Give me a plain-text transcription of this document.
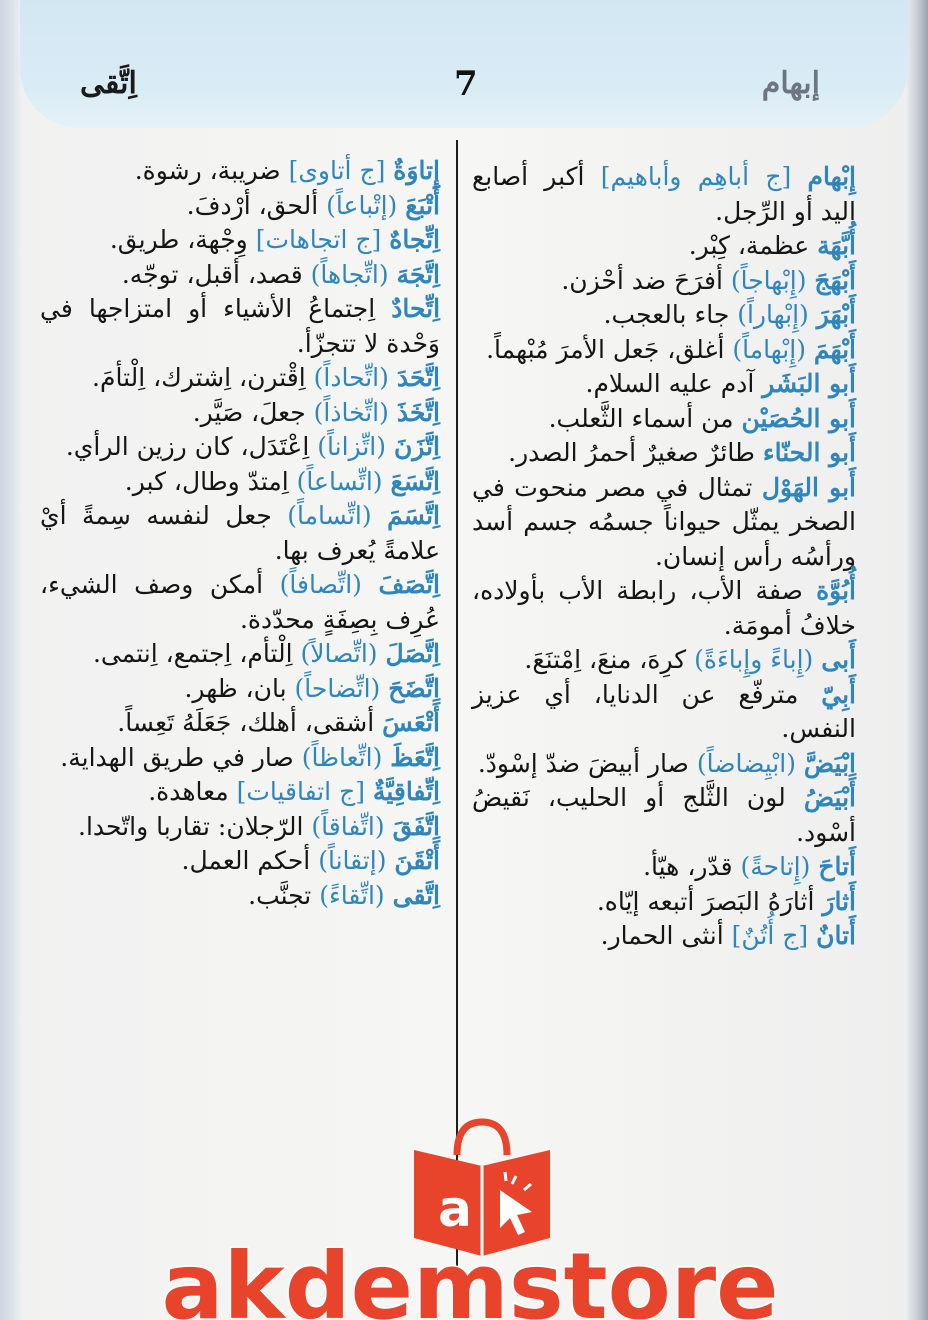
اِتَّقى	7	إبهام

إِبْهام [ج أباهِم وأباهيم] أكبر أصابع اليد أو الرِّجل.

أُبَّهَة عظمة، كِبْر.

أَبْهَجَ (إِبْهاجاً) أفرَحَ ضد أحْزن.

أَبْهَرَ (إِبْهاراً) جاء بالعجب.

أَبْهَمَ (إِبْهاماً) أغلق، جَعل الأمرَ مُبْهماً.

أَبو البَشَر آدم عليه السلام.

أَبو الحُصَيْن من أسماء الثَّعلب.

أَبو الحنّاء طائرٌ صغيرٌ أحمرُ الصدر.

أَبو الهَوْل تمثال في مصر منحوت في الصخر يمثّل حيواناً جسمُه جسم أسد ورأسُه رأس إنسان.

أُبُوَّة صفة الأب، رابطة الأب بأولاده، خلافُ أمومَة.

أَبى (إِباءً وإِباءَةً) كرِهَ، منعَ، اِمْتنَعَ.

أَبِيّ مترفّع عن الدنايا، أي عزيز النفس.

اِبْيَضَّ (ابْيِضاضاً) صار أبيضَ ضدّ إسْودّ.

أَبْيَضُ لون الثَّلج أو الحليب، نَقيضُ أسْود.

أَتاحَ (إِتاحةً) قدّر، هيّأ.

أَثارَ أثارَهُ البَصرَ أتبعه إيّاه.

أَتانٌ [ج أُتُنٌ] أنثى الحمار.

إِتاوَةٌ [ج أتاوى] ضريبة، رشوة.

أَتْبَعَ (إتْباعاً) ألحق، أرْدفَ.

اِتِّجاهٌ [ج اتجاهات] وِجْهة، طريق.

اِتَّجَهَ (اتِّجاهاً) قصد، أقبل، توجّه.

اِتِّحادٌ اِجتماعُ الأشياء أو امتزاجها في وَحْدة لا تتجزّأ.

اِتَّحَدَ (اتِّحاداً) اِقْترن، اِشترك، اِلْتأمَ.

اِتَّخَذَ (اتِّخاذاً) جعلَ، صَيَّر.

اِتَّزَنَ (اتِّزاناً) اِعْتَدَل، كان رزين الرأي.

اِتَّسَعَ (اتِّساعاً) اِمتدّ وطال، كبر.

اِتَّسَمَ (اتِّساماً) جعل لنفسه سِمةً أيْ علامةً يُعرف بها.

اِتَّصَفَ (اتِّصافاً) أمكن وصف الشيء، عُرِف بِصِفَةٍ محدّدة.

اِتَّصَلَ (اتِّصالاً) اِلْتأم، اِجتمع، اِنتمى.

اِتَّضَحَ (اتِّضاحاً) بان، ظهر.

أَتْعَسَ أشقى، أهلك، جَعَلَهُ تَعِساً.

اِتَّعَظَ (اتِّعاظاً) صار في طريق الهداية.

اِتِّفاقِيَّةٌ [ج اتفاقيات] معاهدة.

اِتَّفَقَ (اتِّفاقاً) الرّجلان: تقاربا واتّحدا.

أَتْقَنَ (إتقاناً) أحكم العمل.

اِتَّقى (اتِّقاءً) تجنَّب.

a
akdemstore
